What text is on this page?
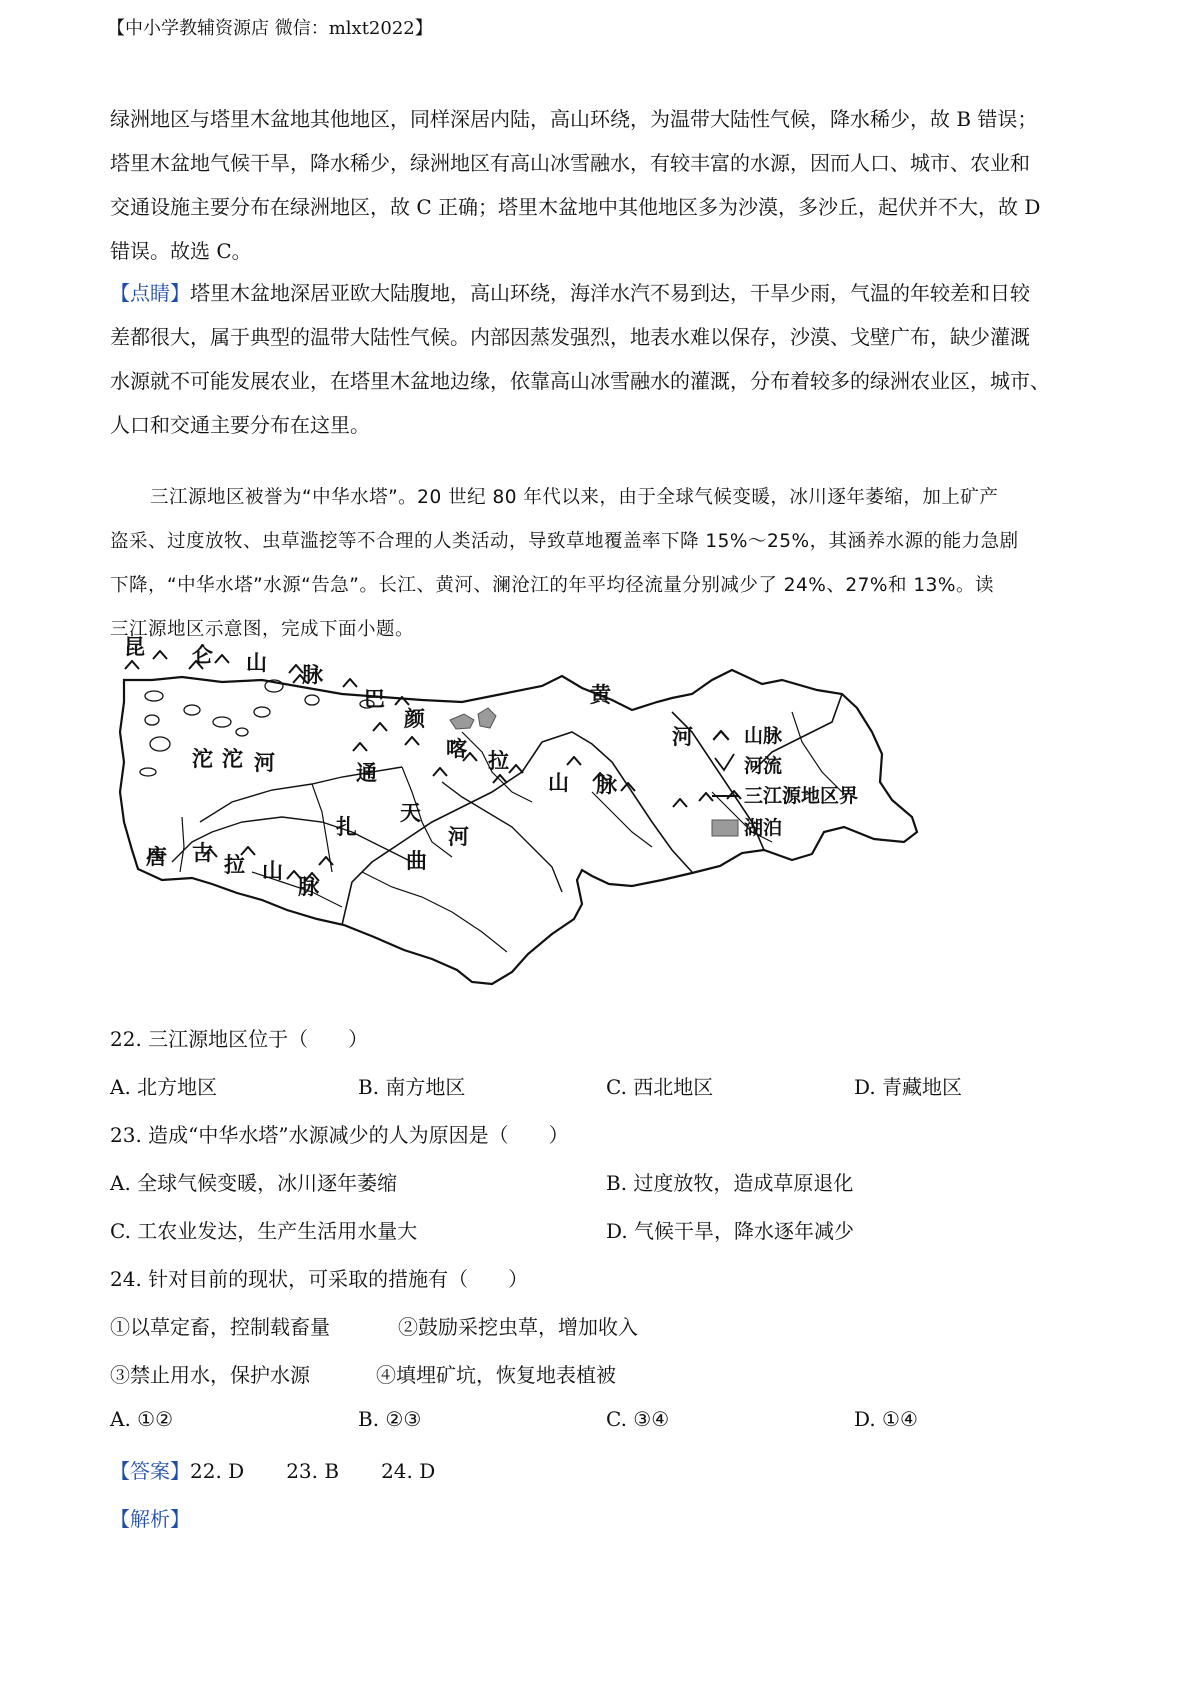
【中小学教辅资源店 微信：mlxt2022】

绿洲地区与塔里木盆地其他地区，同样深居内陆，高山环绕，为温带大陆性气候，降水稀少，故 B 错误；

塔里木盆地气候干旱，降水稀少，绿洲地区有高山冰雪融水，有较丰富的水源，因而人口、城市、农业和

交通设施主要分布在绿洲地区，故 C 正确；塔里木盆地中其他地区多为沙漠，多沙丘，起伏并不大，故 D

错误。故选 C。

【点睛】塔里木盆地深居亚欧大陆腹地，高山环绕，海洋水汽不易到达，干旱少雨，气温的年较差和日较

差都很大，属于典型的温带大陆性气候。内部因蒸发强烈，地表水难以保存，沙漠、戈壁广布，缺少灌溉

水源就不可能发展农业，在塔里木盆地边缘，依靠高山冰雪融水的灌溉，分布着较多的绿洲农业区，城市、

人口和交通主要分布在这里。

三江源地区被誉为“中华水塔”。20 世纪 80 年代以来，由于全球气候变暖，冰川逐年萎缩，加上矿产

盗采、过度放牧、虫草滥挖等不合理的人类活动，导致草地覆盖率下降 15%～25%，其涵养水源的能力急剧

下降，“中华水塔”水源“告急”。长江、黄河、澜沧江的年平均径流量分别减少了 24%、27%和 13%。读

三江源地区示意图，完成下面小题。

昆 仑 山 脉
巴
颜
喀 拉
山 脉
黄
河
沱 沱 河	通
天
河
唐 古 拉 山
脉
扎
曲
山脉
河流
三江源地区界
湖泊
22. 三江源地区位于（　　）
A. 北方地区	B. 南方地区	C. 西北地区	D. 青藏地区
23. 造成“中华水塔”水源减少的人为原因是（　　）
A. 全球气候变暖，冰川逐年萎缩	B. 过度放牧，造成草原退化
C. 工农业发达，生产生活用水量大	D. 气候干旱，降水逐年减少
24. 针对目前的现状，可采取的措施有（　　）
①以草定畜，控制载畜量	②鼓励采挖虫草，增加收入
③禁止用水，保护水源	④填埋矿坑，恢复地表植被
A. ①②	B. ②③	C. ③④	D. ①④
【答案】22. D 23. B 24. D
【解析】
